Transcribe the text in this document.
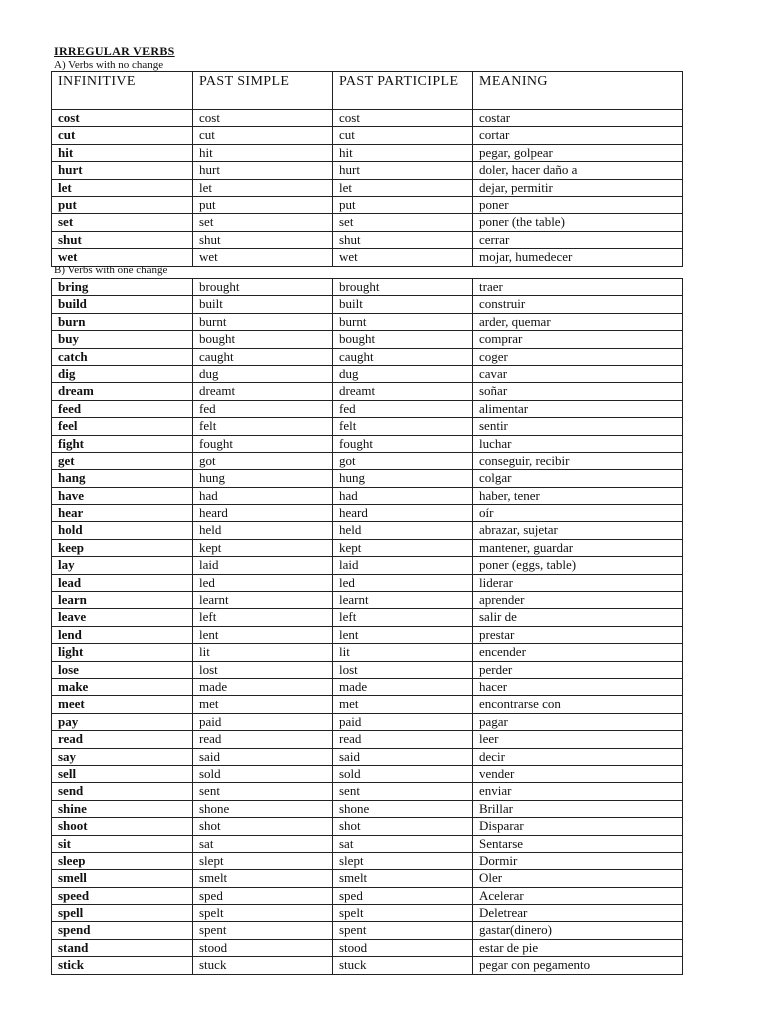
IRREGULAR VERBS
A) Verbs with no change
INFINITIVE	PAST SIMPLE	PAST PARTICIPLE	MEANING
cost	cost	cost	costar
cut	cut	cut	cortar
hit	hit	hit	pegar, golpear
hurt	hurt	hurt	doler, hacer daño a
let	let	let	dejar, permitir
put	put	put	poner
set	set	set	poner (the table)
shut	shut	shut	cerrar
wet	wet	wet	mojar, humedecer
B) Verbs with one change
bring	brought	brought	traer
build	built	built	construir
burn	burnt	burnt	arder, quemar
buy	bought	bought	comprar
catch	caught	caught	coger
dig	dug	dug	cavar
dream	dreamt	dreamt	soñar
feed	fed	fed	alimentar
feel	felt	felt	sentir
fight	fought	fought	luchar
get	got	got	conseguir, recibir
hang	hung	hung	colgar
have	had	had	haber, tener
hear	heard	heard	oír
hold	held	held	abrazar, sujetar
keep	kept	kept	mantener, guardar
lay	laid	laid	poner (eggs, table)
lead	led	led	liderar
learn	learnt	learnt	aprender
leave	left	left	salir de
lend	lent	lent	prestar
light	lit	lit	encender
lose	lost	lost	perder
make	made	made	hacer
meet	met	met	encontrarse con
pay	paid	paid	pagar
read	read	read	leer
say	said	said	decir
sell	sold	sold	vender
send	sent	sent	enviar
shine	shone	shone	Brillar
shoot	shot	shot	Disparar
sit	sat	sat	Sentarse
sleep	slept	slept	Dormir
smell	smelt	smelt	Oler
speed	sped	sped	Acelerar
spell	spelt	spelt	Deletrear
spend	spent	spent	gastar(dinero)
stand	stood	stood	estar de pie
stick	stuck	stuck	pegar con pegamento
